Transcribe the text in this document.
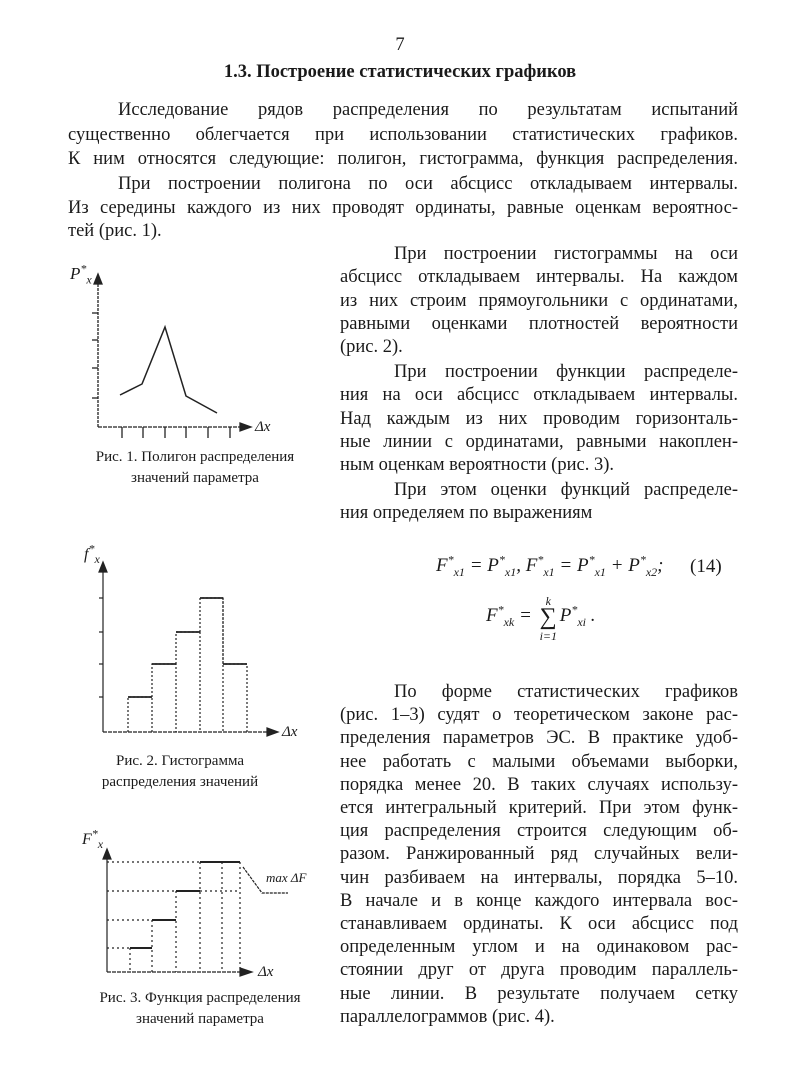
7
1.3. Построение статистических графиков
Исследование рядов распределения по результатам испытаний
существенно облегчается при использовании статистических графиков.
К ним относятся следующие: полигон, гистограмма, функция распределения.
При построении полигона по оси абсцисс откладываем интервалы.
Из середины каждого из них проводят ординаты, равные оценкам вероятнос-
тей (рис. 1).
При построении гистограммы на оси
абсцисс откладываем интервалы. На каждом
из них строим прямоугольники с ординатами,
равными оценками плотностей вероятности
(рис. 2).
При построении функции распределе-
ния на оси абсцисс откладываем интервалы.
Над каждым из них проводим горизонталь-
ные линии с ординатами, равными накоплен-
ным оценкам вероятности (рис. 3).
При этом оценки функций распределе-
ния определяем по выражениям
По форме статистических графиков
(рис. 1–3) судят о теоретическом законе рас-
пределения параметров ЭС. В практике удоб-
нее работать с малыми объемами выборки,
порядка менее 20. В таких случаях использу-
ется интегральный критерий. При этом функ-
ция распределения строится следующим об-
разом. Ранжированный ряд случайных вели-
чин разбиваем на интервалы, порядка 5–10.
В начале и в конце каждого интервала вос-
станавливаем ординаты. К оси абсцисс под
определенным углом и на одинаковом рас-
стоянии друг от друга проводим параллель-
ные линии. В результате получаем сетку
параллелограммов (рис. 4).
$F^*_{x1} = P^*_{x1}$, $F^*_{x1} = P^*_{x1} + P^*_{x2}$; (14)
$F^*_{xk}$ = ∑
k
i=1
$P^*_{xi}$ .
$P^*_x$
Δx
Рис. 1. Полигон распределения
значений параметра
$f^*_x$
Δx
Рис. 2. Гистограмма
распределения значений
$F^*_x$
Δx
max ΔF
Рис. 3. Функция распределения
значений параметра
